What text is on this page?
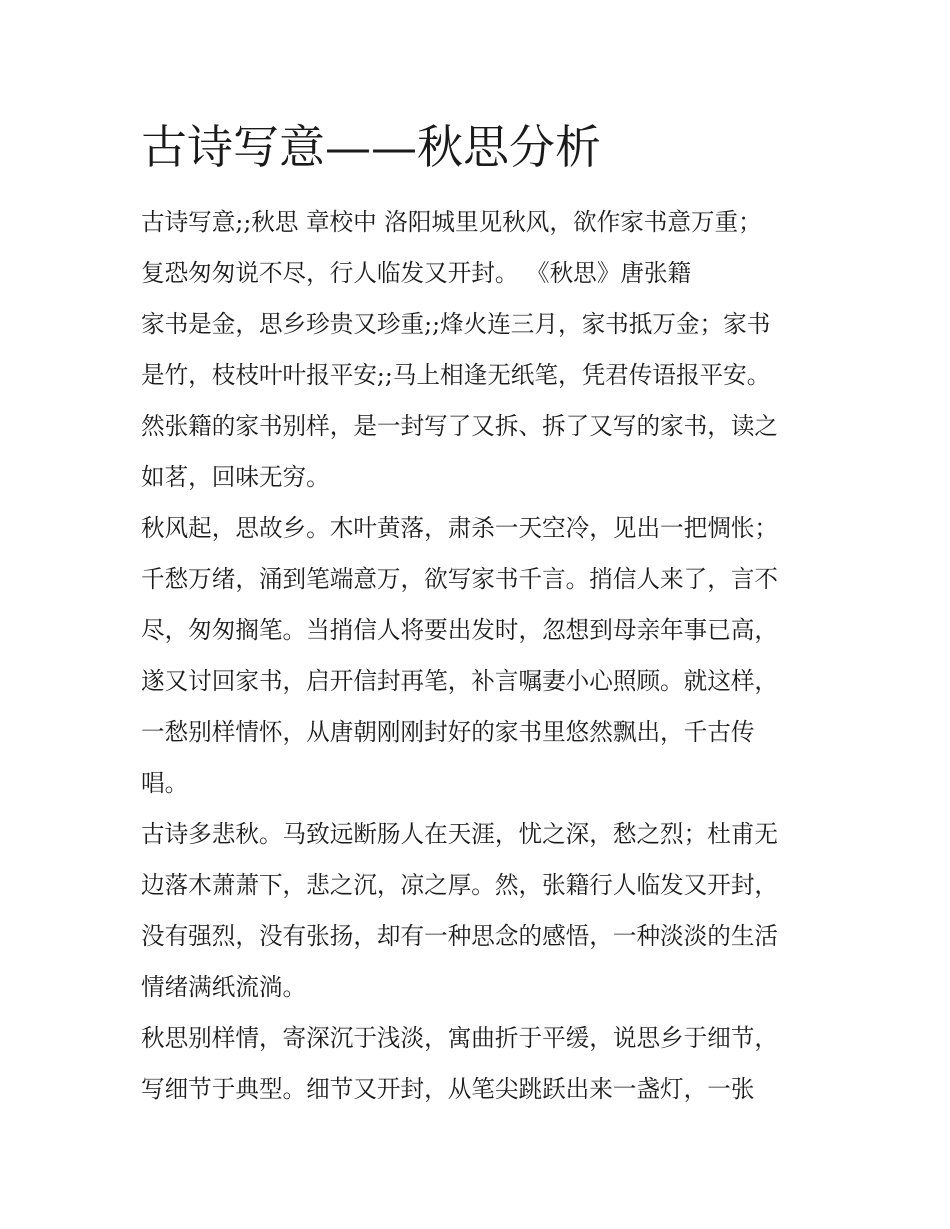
古诗写意——秋思分析

古诗写意;;秋思 章校中 洛阳城里见秋风，欲作家书意万重；
复恐匆匆说不尽，行人临发又开封。 《秋思》唐张籍

家书是金，思乡珍贵又珍重;;烽火连三月，家书抵万金；家书
是竹，枝枝叶叶报平安;;马上相逢无纸笔，凭君传语报平安。
然张籍的家书别样，是一封写了又拆、拆了又写的家书，读之
如茗，回味无穷。

秋风起，思故乡。木叶黄落，肃杀一天空冷，见出一把惆怅；
千愁万绪，涌到笔端意万，欲写家书千言。捎信人来了，言不
尽，匆匆搁笔。当捎信人将要出发时，忽想到母亲年事已高，
遂又讨回家书，启开信封再笔，补言嘱妻小心照顾。就这样，
一愁别样情怀，从唐朝刚刚封好的家书里悠然飘出，千古传
唱。

古诗多悲秋。马致远断肠人在天涯，忧之深，愁之烈；杜甫无
边落木萧萧下，悲之沉，凉之厚。然，张籍行人临发又开封，
没有强烈，没有张扬，却有一种思念的感悟，一种淡淡的生活
情绪满纸流淌。

秋思别样情，寄深沉于浅淡，寓曲折于平缓，说思乡于细节，
写细节于典型。细节又开封，从笔尖跳跃出来一盏灯，一张
